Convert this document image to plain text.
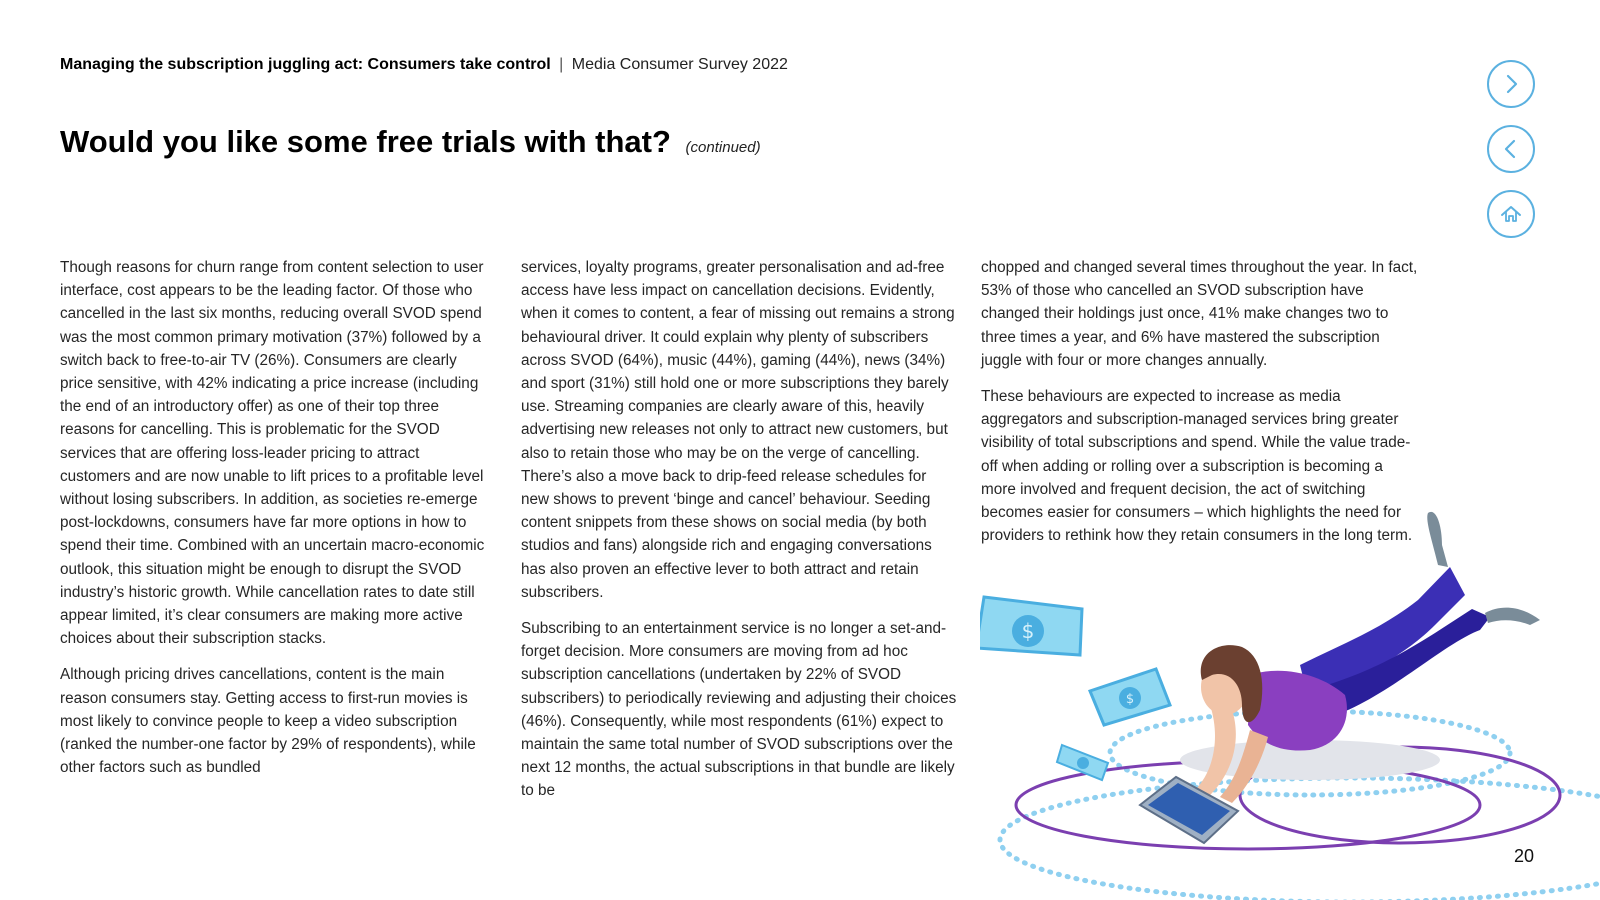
Managing the subscription juggling act: Consumers take control | Media Consumer Survey 2022
Would you like some free trials with that? (continued)

Though reasons for churn range from content selection to user interface, cost appears to be the leading factor. Of those who cancelled in the last six months, reducing overall SVOD spend was the most common primary motivation (37%) followed by a switch back to free-to-air TV (26%). Consumers are clearly price sensitive, with 42% indicating a price increase (including the end of an introductory offer) as one of their top three reasons for cancelling. This is problematic for the SVOD services that are offering loss-leader pricing to attract customers and are now unable to lift prices to a profitable level without losing subscribers. In addition, as societies re-emerge post-lockdowns, consumers have far more options in how to spend their time. Combined with an uncertain macro-economic outlook, this situation might be enough to disrupt the SVOD industry’s historic growth. While cancellation rates to date still appear limited, it’s clear consumers are making more active choices about their subscription stacks.

Although pricing drives cancellations, content is the main reason consumers stay. Getting access to first-run movies is most likely to convince people to keep a video subscription (ranked the number-one factor by 29% of respondents), while other factors such as bundled

services, loyalty programs, greater personalisation and ad-free access have less impact on cancellation decisions. Evidently, when it comes to content, a fear of missing out remains a strong behavioural driver. It could explain why plenty of subscribers across SVOD (64%), music (44%), gaming (44%), news (34%) and sport (31%) still hold one or more subscriptions they barely use. Streaming companies are clearly aware of this, heavily advertising new releases not only to attract new customers, but also to retain those who may be on the verge of cancelling. There’s also a move back to drip-feed release schedules for new shows to prevent ‘binge and cancel’ behaviour. Seeding content snippets from these shows on social media (by both studios and fans) alongside rich and engaging conversations has also proven an effective lever to both attract and retain subscribers.

Subscribing to an entertainment service is no longer a set-and-forget decision. More consumers are moving from ad hoc subscription cancellations (undertaken by 22% of SVOD subscribers) to periodically reviewing and adjusting their choices (46%). Consequently, while most respondents (61%) expect to maintain the same total number of SVOD subscriptions over the next 12 months, the actual subscriptions in that bundle are likely to be

chopped and changed several times throughout the year. In fact, 53% of those who cancelled an SVOD subscription have changed their holdings just once, 41% make changes two to three times a year, and 6% have mastered the subscription juggle with four or more changes annually.

These behaviours are expected to increase as media aggregators and subscription-managed services bring greater visibility of total subscriptions and spend. While the value trade-off when adding or rolling over a subscription is becoming a more involved and frequent decision, the act of switching becomes easier for consumers – which highlights the need for providers to rethink how they retain consumers in the long term.

$
$
20
